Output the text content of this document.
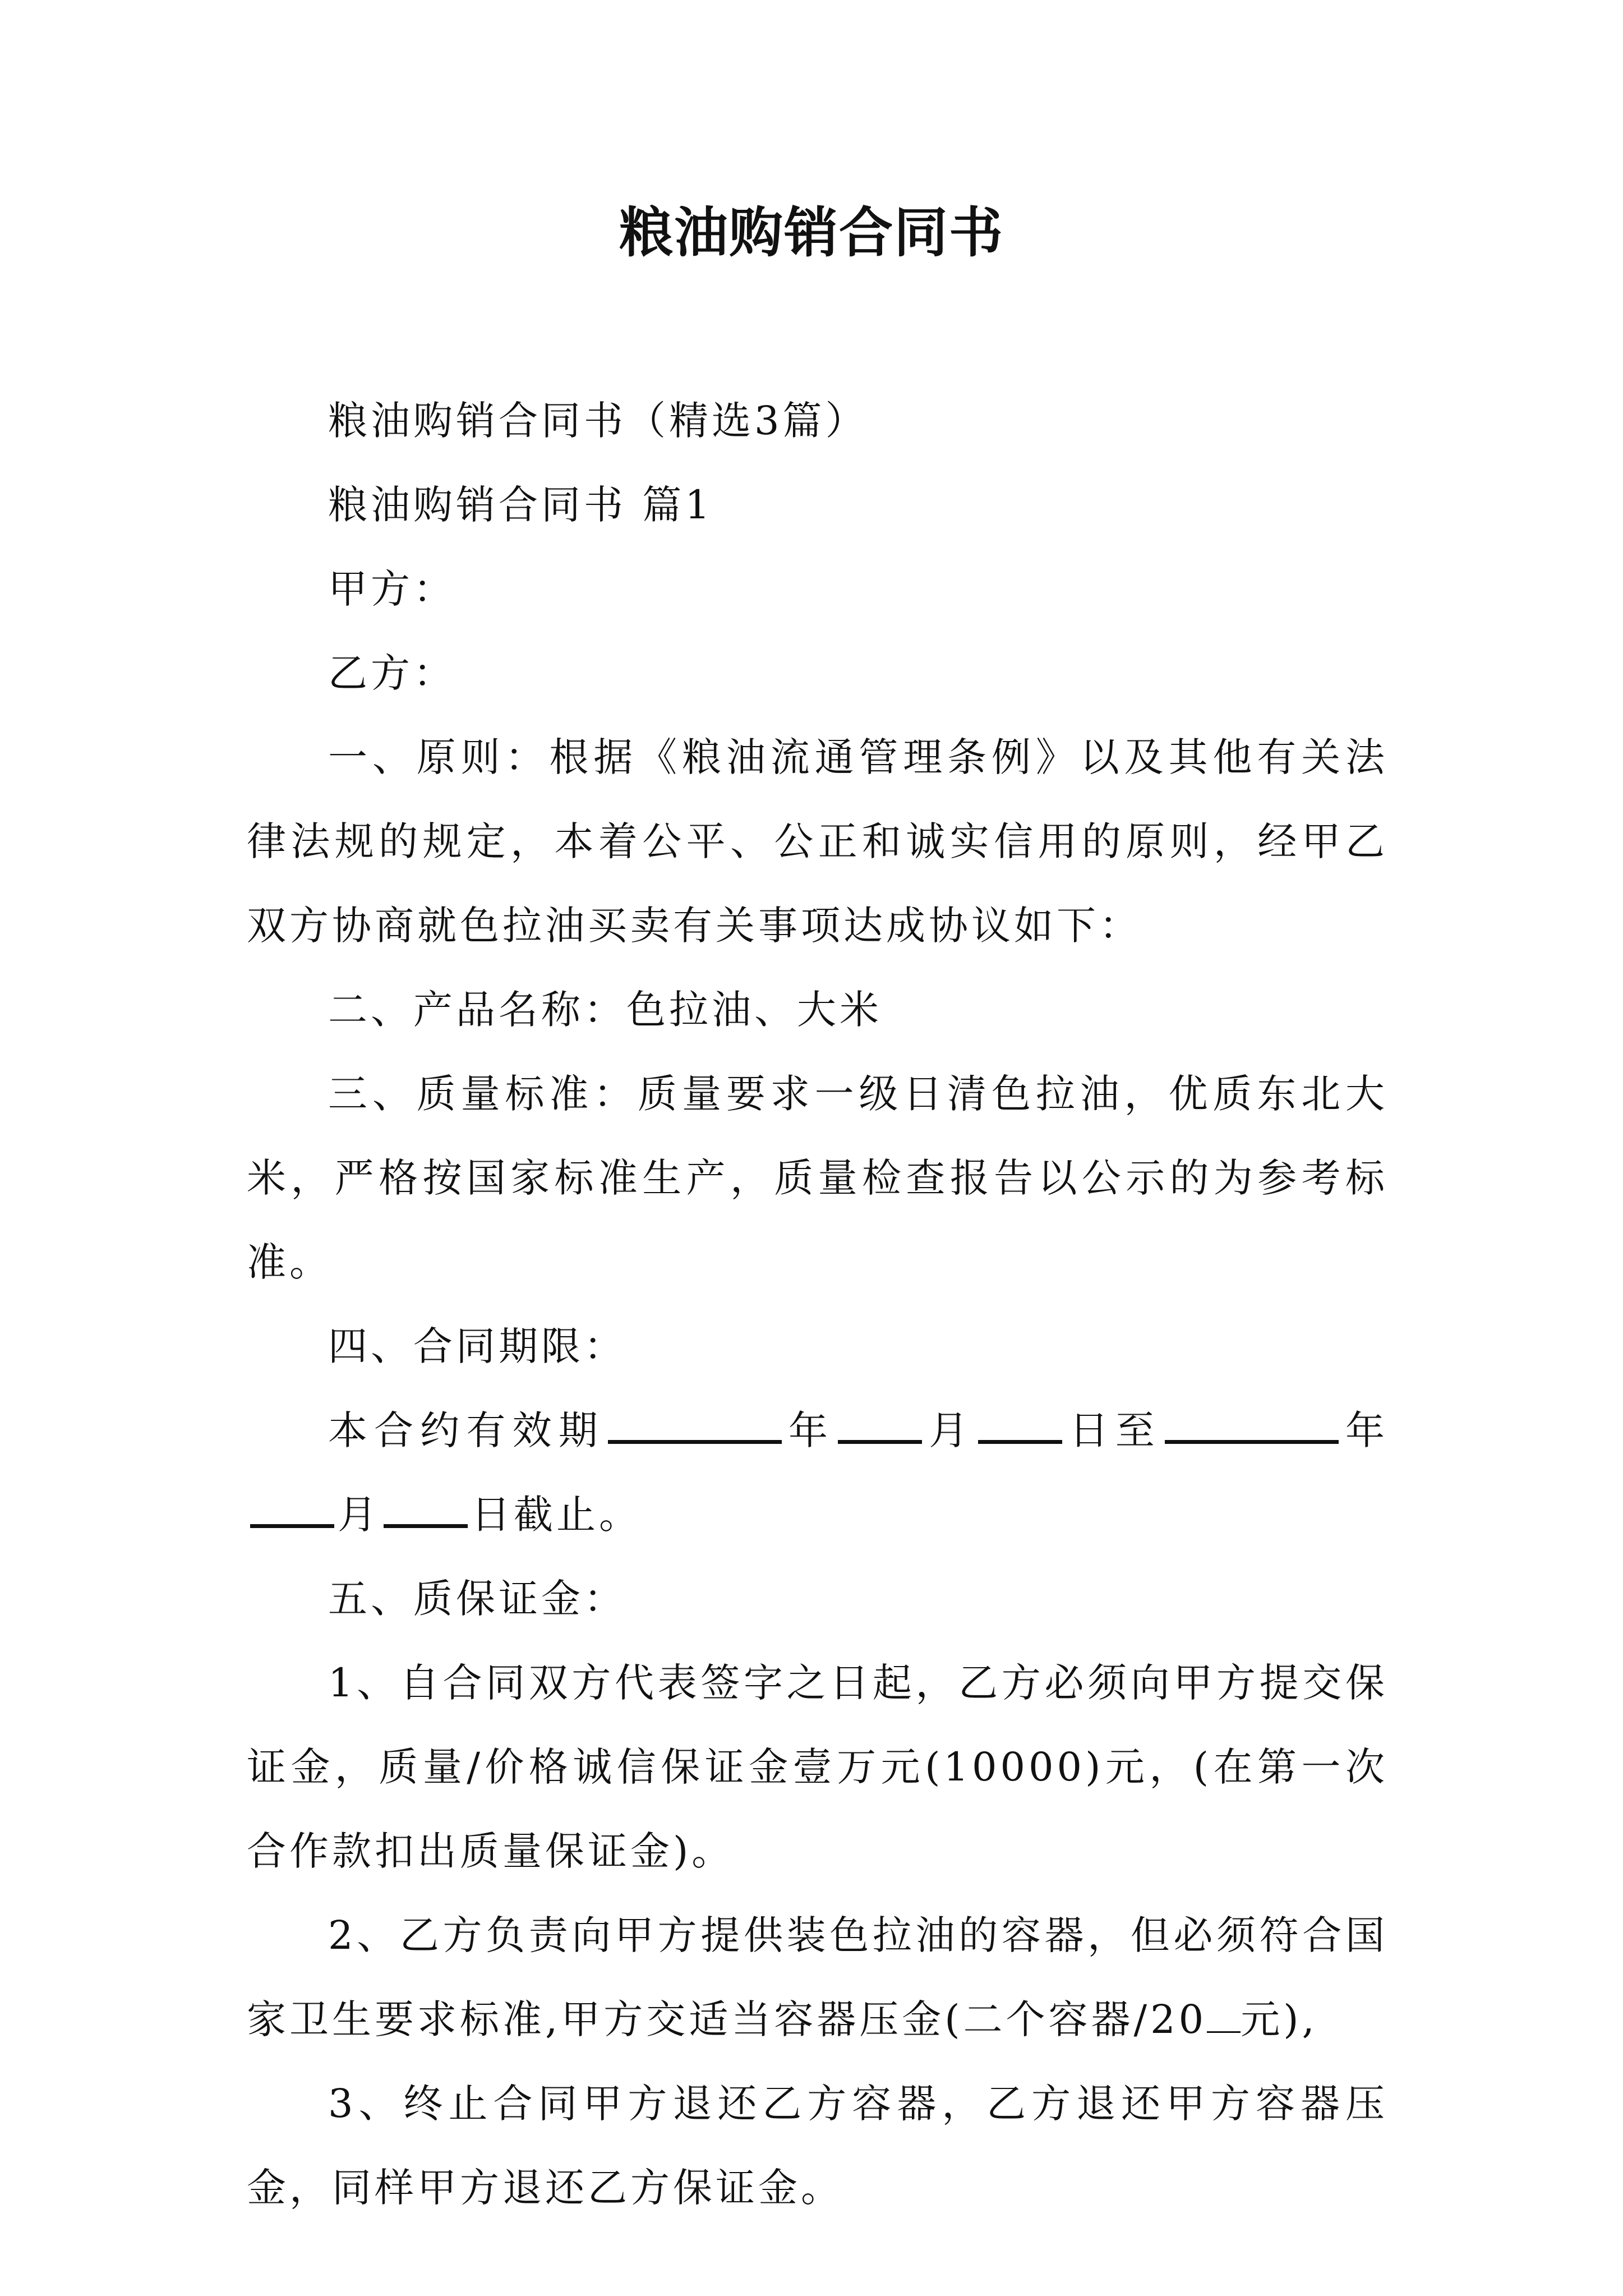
粮油购销合同书

粮油购销合同书（精选3篇）

粮油购销合同书 篇1

甲方：

乙方：

一、原则：根据《粮油流通管理条例》以及其他有关法律法规的规定，本着公平、公正和诚实信用的原则，经甲乙双方协商就色拉油买卖有关事项达成协议如下：

二、产品名称：色拉油、大米

三、质量标准：质量要求一级日清色拉油，优质东北大米，严格按国家标准生产，质量检查报告以公示的为参考标准。

四、合同期限：

本合约有效期	年 月 日至	年月 日截止。

五、质保证金：

1、自合同双方代表签字之日起，乙方必须向甲方提交保证金，质量/价格诚信保证金壹万元(10000)元，(在第一次合作款扣出质量保证金)。

2、乙方负责向甲方提供装色拉油的容器，但必须符合国家卫生要求标准,甲方交适当容器压金(二个容器/20 元),

3、终止合同甲方退还乙方容器，乙方退还甲方容器压金，同样甲方退还乙方保证金。
